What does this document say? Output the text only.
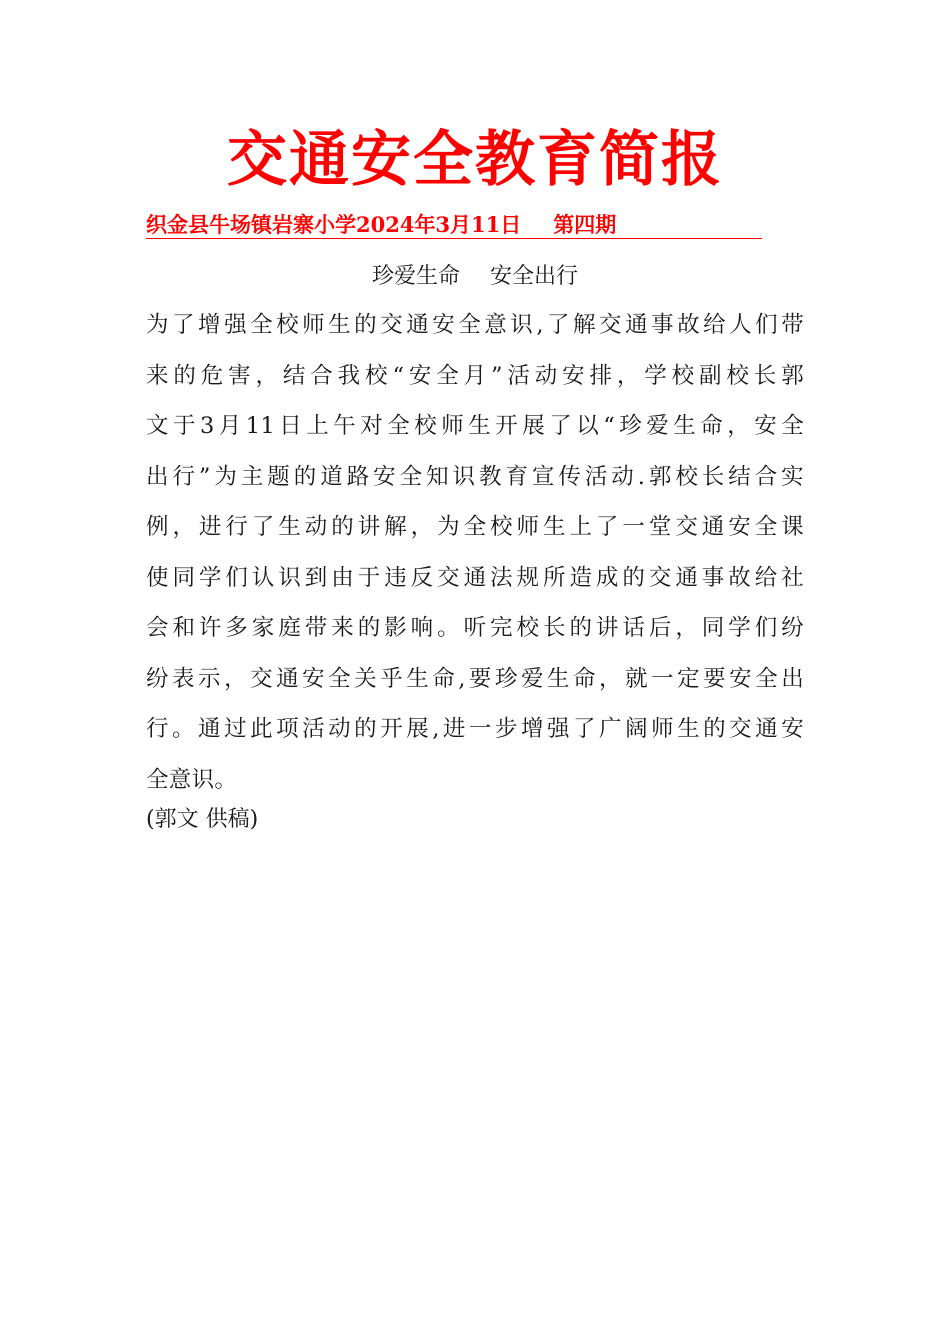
交通安全教育简报
织金县牛场镇岩寨小学2024年3月11日 第四期
珍爱生命 安全出行
为了增强全校师生的交通安全意识,了解交通事故给人们带
来的危害，结合我校“安全月”活动安排，学校副校长郭
文于3月11日上午对全校师生开展了以“珍爱生命，安全
出行”为主题的道路安全知识教育宣传活动.郭校长结合实
例，进行了生动的讲解，为全校师生上了一堂交通安全课
使同学们认识到由于违反交通法规所造成的交通事故给社
会和许多家庭带来的影响。听完校长的讲话后，同学们纷
纷表示，交通安全关乎生命,要珍爱生命，就一定要安全出
行。通过此项活动的开展,进一步增强了广阔师生的交通安
全意识。
(郭文 供稿)
